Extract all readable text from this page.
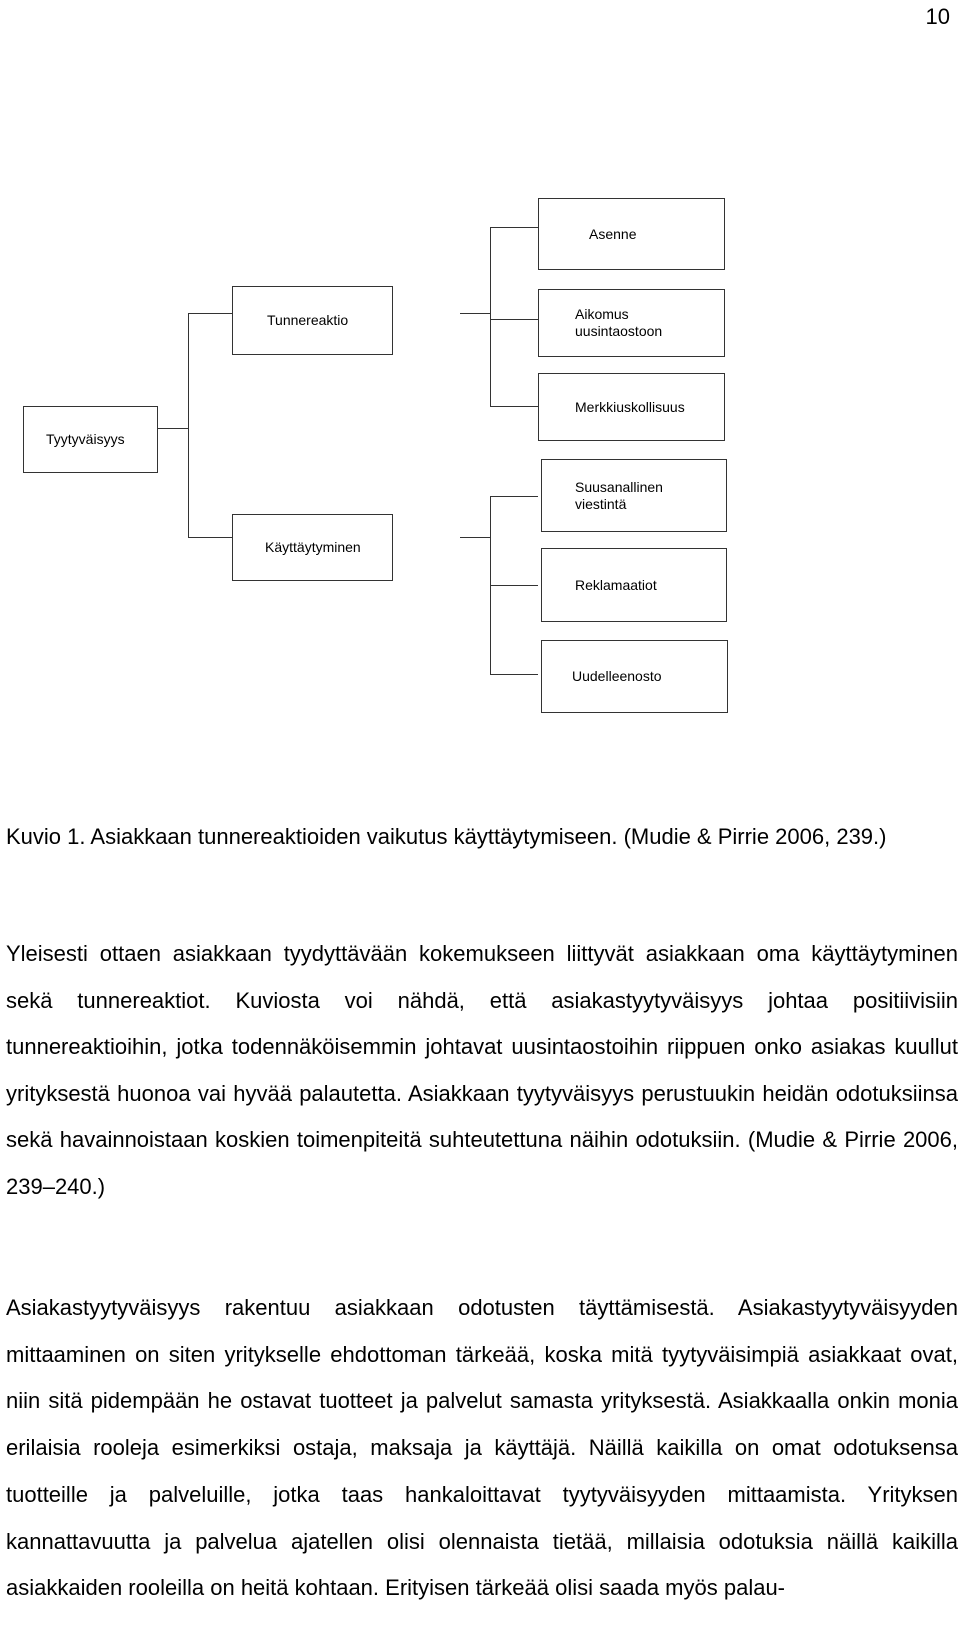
10
Tyytyväisyys
Tunnereaktio
Käyttäytyminen
Asenne
Aikomus
uusintaostoon
Merkkiuskollisuus
Suusanallinen
viestintä
Reklamaatiot
Uudelleenosto

Kuvio 1. Asiakkaan tunnereaktioiden vaikutus käyttäytymiseen. (Mudie & Pirrie 2006, 239.)

Yleisesti ottaen asiakkaan tyydyttävään kokemukseen liittyvät asiakkaan oma käyttäytyminen sekä tunnereaktiot. Kuviosta voi nähdä, että asiakastyytyväisyys johtaa positiivisiin tunnereaktioihin, jotka todennäköisemmin johtavat uusintaostoihin riippuen onko asiakas kuullut yrityksestä huonoa vai hyvää palautetta. Asiakkaan tyytyväisyys perustuukin heidän odotuksiinsa sekä havainnoistaan koskien toimenpiteitä suhteutettuna näihin odotuksiin. (Mudie & Pirrie 2006, 239–240.)

Asiakastyytyväisyys rakentuu asiakkaan odotusten täyttämisestä. Asiakastyytyväisyyden mittaaminen on siten yritykselle ehdottoman tärkeää, koska mitä tyytyväisimpiä asiakkaat ovat, niin sitä pidempään he ostavat tuotteet ja palvelut samasta yrityksestä. Asiakkaalla onkin monia erilaisia rooleja esimerkiksi ostaja, maksaja ja käyttäjä. Näillä kaikilla on omat odotuksensa tuotteille ja palveluille, jotka taas hankaloittavat tyytyväisyyden mittaamista. Yrityksen kannattavuutta ja palvelua ajatellen olisi olennaista tietää, millaisia odotuksia näillä kaikilla asiakkaiden rooleilla on heitä kohtaan. Erityisen tärkeää olisi saada myös palau-
